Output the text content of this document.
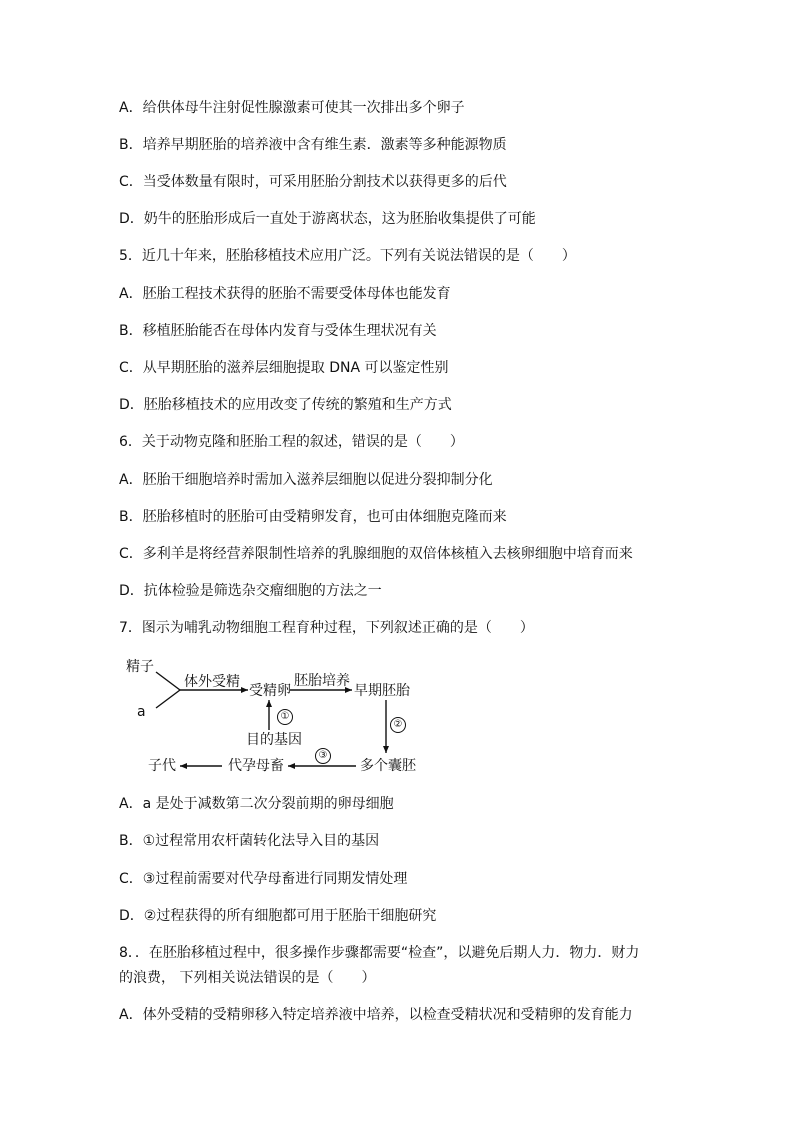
A．给供体母牛注射促性腺激素可使其一次排出多个卵子
B．培养早期胚胎的培养液中含有维生素．激素等多种能源物质
C．当受体数量有限时，可采用胚胎分割技术以获得更多的后代
D．奶牛的胚胎形成后一直处于游离状态，这为胚胎收集提供了可能
5．近几十年来，胚胎移植技术应用广泛。下列有关说法错误的是（　　）
A．胚胎工程技术获得的胚胎不需要受体母体也能发育
B．移植胚胎能否在母体内发育与受体生理状况有关
C．从早期胚胎的滋养层细胞提取 DNA 可以鉴定性别
D．胚胎移植技术的应用改变了传统的繁殖和生产方式
6．关于动物克隆和胚胎工程的叙述，错误的是（　　）
A．胚胎干细胞培养时需加入滋养层细胞以促进分裂抑制分化
B．胚胎移植时的胚胎可由受精卵发育，也可由体细胞克隆而来
C．多利羊是将经营养限制性培养的乳腺细胞的双倍体核植入去核卵细胞中培育而来
D．抗体检验是筛选杂交瘤细胞的方法之一
7．图示为哺乳动物细胞工程育种过程，下列叙述正确的是（　　）
精子
a
体外受精
受精卵
胚胎培养
早期胚胎
①
目的基因
②
③
多个囊胚
代孕母畜
子代
A．a 是处于减数第二次分裂前期的卵母细胞
B．①过程常用农杆菌转化法导入目的基因
C．③过程前需要对代孕母畜进行同期发情处理
D．②过程获得的所有细胞都可用于胚胎干细胞研究
8．．在胚胎移植过程中，很多操作步骤都需要“检查”，以避免后期人力．物力．财力
的浪费， 下列相关说法错误的是（　　）
A．体外受精的受精卵移入特定培养液中培养，以检查受精状况和受精卵的发育能力
